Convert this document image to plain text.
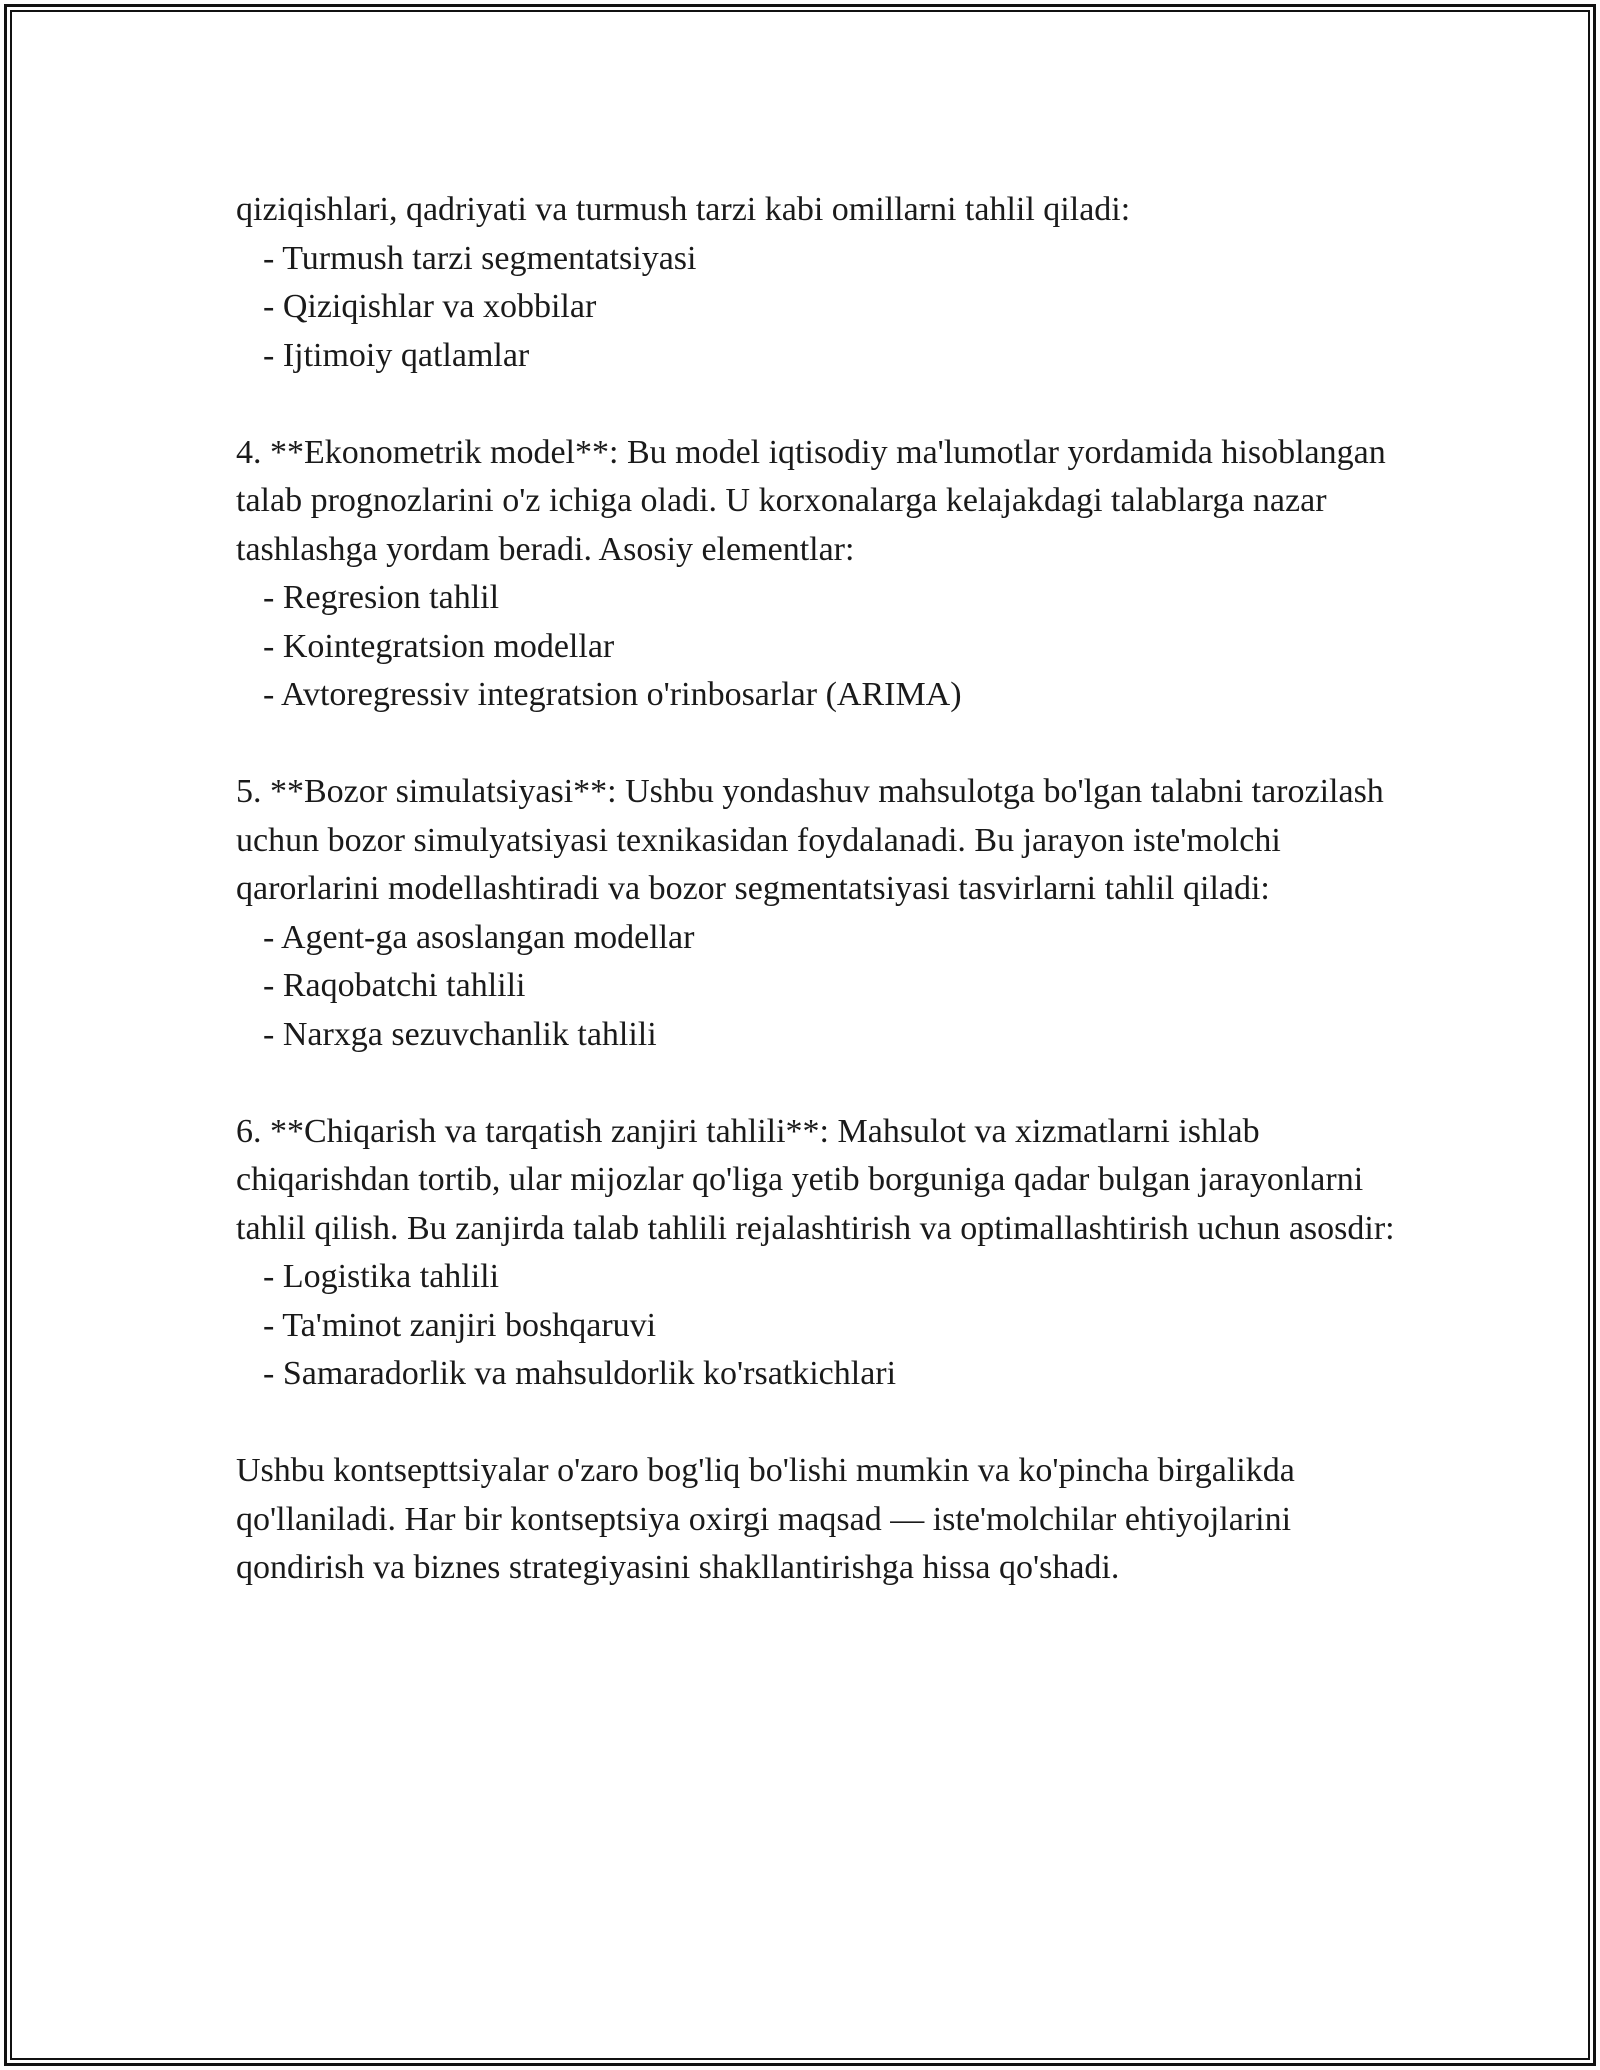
qiziqishlari, qadriyati va turmush tarzi kabi omillarni tahlil qiladi:

- Turmush tarzi segmentatsiyasi
- Qiziqishlar va xobbilar
- Ijtimoiy qatlamlar

4. **Ekonometrik model**: Bu model iqtisodiy ma'lumotlar yordamida hisoblangan talab prognozlarini o'z ichiga oladi. U korxonalarga kelajakdagi talablarga nazar tashlashga yordam beradi. Asosiy elementlar:

- Regresion tahlil
- Kointegratsion modellar
- Avtoregressiv integratsion o'rinbosarlar (ARIMA)

5. **Bozor simulatsiyasi**: Ushbu yondashuv mahsulotga bo'lgan talabni tarozilash uchun bozor simulyatsiyasi texnikasidan foydalanadi. Bu jarayon iste'molchi qarorlarini modellashtiradi va bozor segmentatsiyasi tasvirlarni tahlil qiladi:

- Agent-ga asoslangan modellar
- Raqobatchi tahlili
- Narxga sezuvchanlik tahlili

6. **Chiqarish va tarqatish zanjiri tahlili**: Mahsulot va xizmatlarni ishlab chiqarishdan tortib, ular mijozlar qo'liga yetib borguniga qadar bulgan jarayonlarni tahlil qilish. Bu zanjirda talab tahlili rejalashtirish va optimallashtirish uchun asosdir:

- Logistika tahlili
- Ta'minot zanjiri boshqaruvi
- Samaradorlik va mahsuldorlik ko'rsatkichlari

Ushbu kontsepttsiyalar o'zaro bog'liq bo'lishi mumkin va ko'pincha birgalikda qo'llaniladi. Har bir kontseptsiya oxirgi maqsad — iste'molchilar ehtiyojlarini qondirish va biznes strategiyasini shakllantirishga hissa qo'shadi.
